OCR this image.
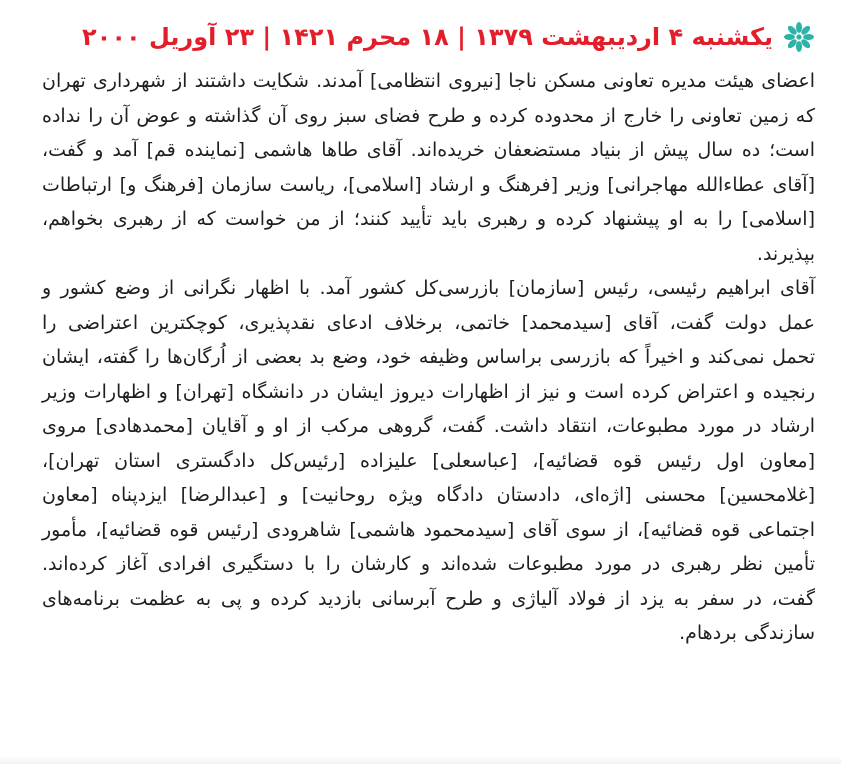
یکشنبه ۴ اردیبهشت ۱۳۷۹ | ۱۸ محرم ۱۴۲۱ | ۲۳ آوریل ۲۰۰۰

اعضای هیئت مدیره تعاونی مسکن ناجا [نیروی انتظامی] آمدند. شکایت داشتند از شهرداری تهران که زمین تعاونی را خارج از محدوده کرده و طرح فضای سبز روی آن گذاشته و عوض آن را نداده است؛ ده سال پیش از بنیاد مستضعفان خریده‌اند. آقای طاها هاشمی [نماینده قم] آمد و گفت، [آقای عطاءالله مهاجرانی] وزیر [فرهنگ و ارشاد [اسلامی]، ریاست سازمان [فرهنگ و] ارتباطات [اسلامی] را به او پیشنهاد کرده و رهبری باید تأیید کنند؛ از من خواست که از رهبری بخواهم، بپذیرند.

آقای ابراهیم رئیسی، رئیس [سازمان] بازرسی‌کل کشور آمد. با اظهار نگرانی از وضع کشور و عمل دولت گفت، آقای [سیدمحمد] خاتمی، برخلاف ادعای نقدپذیری، کوچکترین اعتراضی را تحمل نمی‌کند و اخیراً که بازرسی براساس وظیفه خود، وضع بد بعضی از اُرگان‌ها را گفته، ایشان رنجیده و اعتراض کرده است و نیز از اظهارات دیروز ایشان در دانشگاه [تهران] و اظهارات وزیر ارشاد در مورد مطبوعات، انتقاد داشت. گفت، گروهی مرکب از او و آقایان [محمدهادی] مروی [معاون اول رئیس قوه قضائیه]، [عباسعلی] علیزاده [رئیس‌کل دادگستری استان تهران]، [غلامحسین] محسنی [اژه‌ای، دادستان دادگاه ویژه روحانیت] و [عبدالرضا] ایزدپناه [معاون اجتماعی قوه قضائیه]، از سوی آقای [سیدمحمود هاشمی] شاهرودی [رئیس قوه قضائیه]، مأمور تأمین نظر رهبری در مورد مطبوعات شده‌اند و کارشان را با دستگیری افرادی آغاز کرده‌اند. گفت، در سفر به یزد از فولاد آلیاژی و طرح آبرسانی بازدید کرده و پی به عظمت برنامه‌های سازندگی بردهام.
